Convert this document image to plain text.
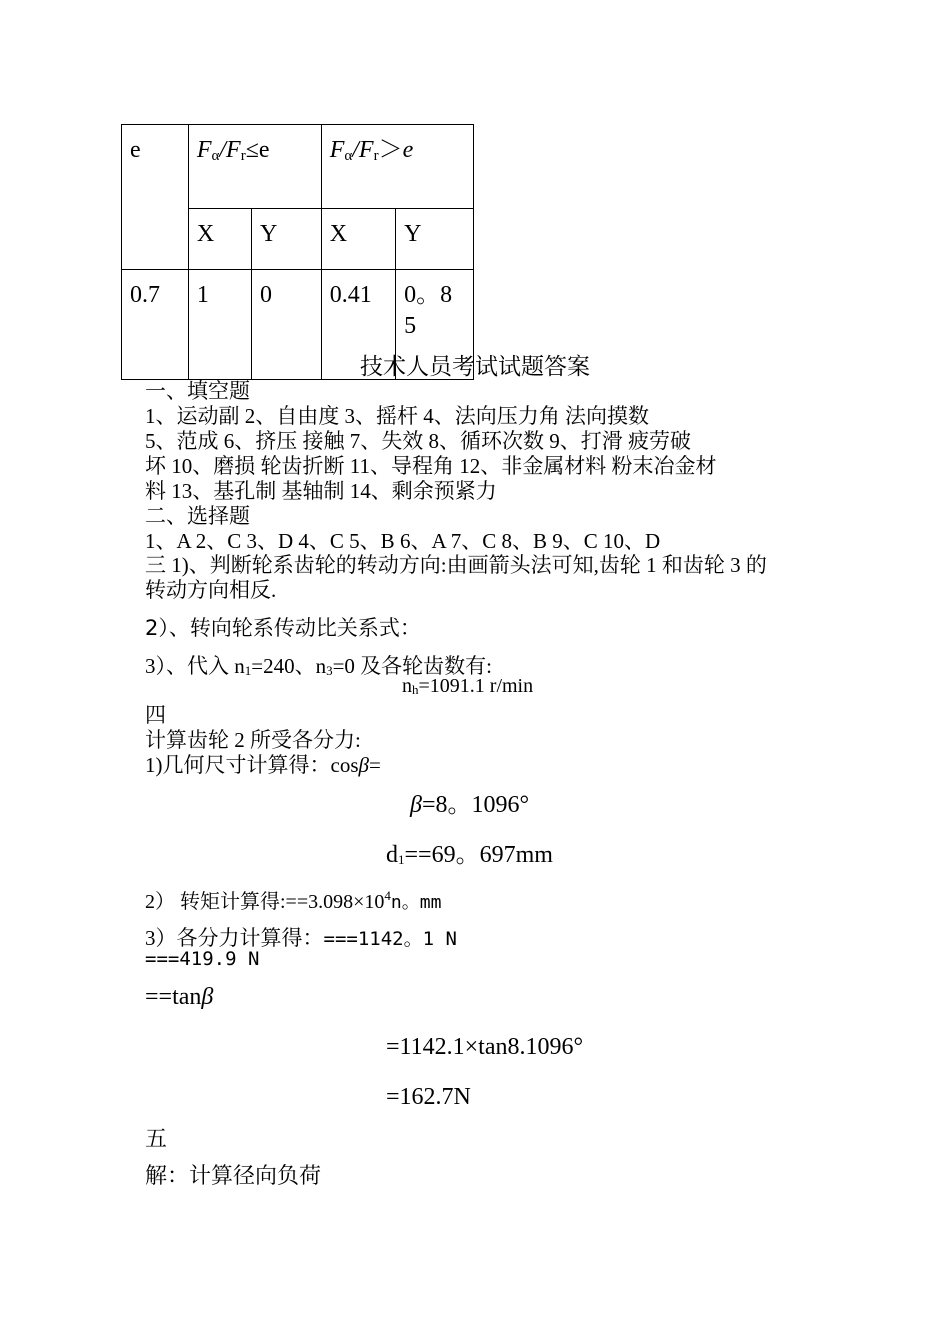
e	$F_\alpha/F_r\le e$		$F_\alpha/F_r>e$	
	X	Y	X	Y
0.7	1	0	0.41	0。8
5
技术人员考试试题答案
一、填空题
1、运动副 2、自由度 3、摇杆 4、法向压力角 法向摸数
5、范成 6、挤压 接触 7、失效 8、循环次数 9、打滑 疲劳破
坏 10、磨损 轮齿折断 11、导程角 12、非金属材料 粉末冶金材
料 13、基孔制 基轴制 14、剩余预紧力
二、选择题
1、A 2、C 3、D 4、C 5、B 6、A 7、C 8、B 9、C 10、D
三 1)、判断轮系齿轮的转动方向:由画箭头法可知,齿轮 1 和齿轮 3 的
转动方向相反.
2）、转向轮系传动比关系式：
3）、代入 $n_1=240$、$n_3=0$ 及各轮齿数有:
$n_h=1091.1$ r/min
四
计算齿轮 2 所受各分力:
1)几何尺寸计算得：cosβ=
β=8。1096°
$d_1==69$。697mm
2） 转矩计算得$:==3.098\times 10^4n$。mm
3）各分力计算得：===1142。1 N
===419.9 N
==tanβ
=1142.1×tan8.1096°
=162.7N
五
解：计算径向负荷
